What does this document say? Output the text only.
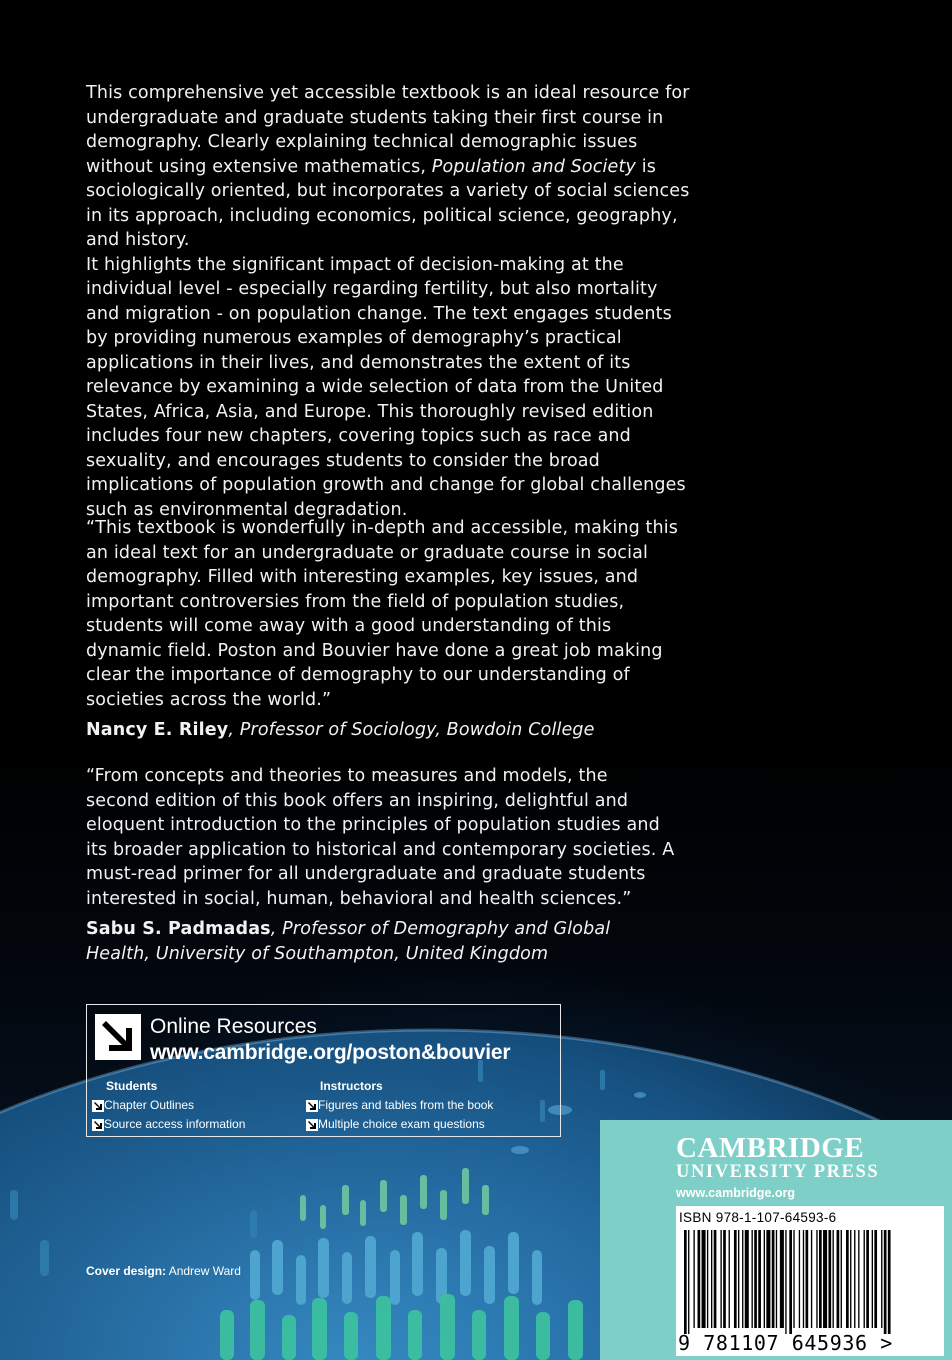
This comprehensive yet accessible textbook is an ideal resource for undergraduate and graduate students taking their first course in demography. Clearly explaining technical demographic issues without using extensive mathematics, Population and Society is sociologically oriented, but incorporates a variety of social sciences in its approach, including economics, political science, geography, and history.
It highlights the significant impact of decision-making at the individual level - especially regarding fertility, but also mortality and migration - on population change. The text engages students by providing numerous examples of demography’s practical applications in their lives, and demonstrates the extent of its relevance by examining a wide selection of data from the United States, Africa, Asia, and Europe. This thoroughly revised edition includes four new chapters, covering topics such as race and sexuality, and encourages students to consider the broad implications of population growth and change for global challenges such as environmental degradation.
“This textbook is wonderfully in-depth and accessible, making this an ideal text for an undergraduate or graduate course in social demography. Filled with interesting examples, key issues, and important controversies from the field of population studies, students will come away with a good understanding of this dynamic field. Poston and Bouvier have done a great job making clear the importance of demography to our understanding of societies across the world.”
Nancy E. Riley, Professor of Sociology, Bowdoin College
“From concepts and theories to measures and models, the second edition of this book offers an inspiring, delightful and eloquent introduction to the principles of population studies and its broader application to historical and contemporary societies. A must-read primer for all undergraduate and graduate students interested in social, human, behavioral and health sciences.”
Sabu S. Padmadas, Professor of Demography and Global Health, University of Southampton, United Kingdom
Online Resources
www.cambridge.org/poston&bouvier
Students
Chapter Outlines
Source access information
Instructors
Figures and tables from the book
Multiple choice exam questions
Cover design: Andrew Ward
CAMBRIDGE
UNIVERSITY PRESS
www.cambridge.org
ISBN 978-1-107-64593-6
9 781107 645936 >
